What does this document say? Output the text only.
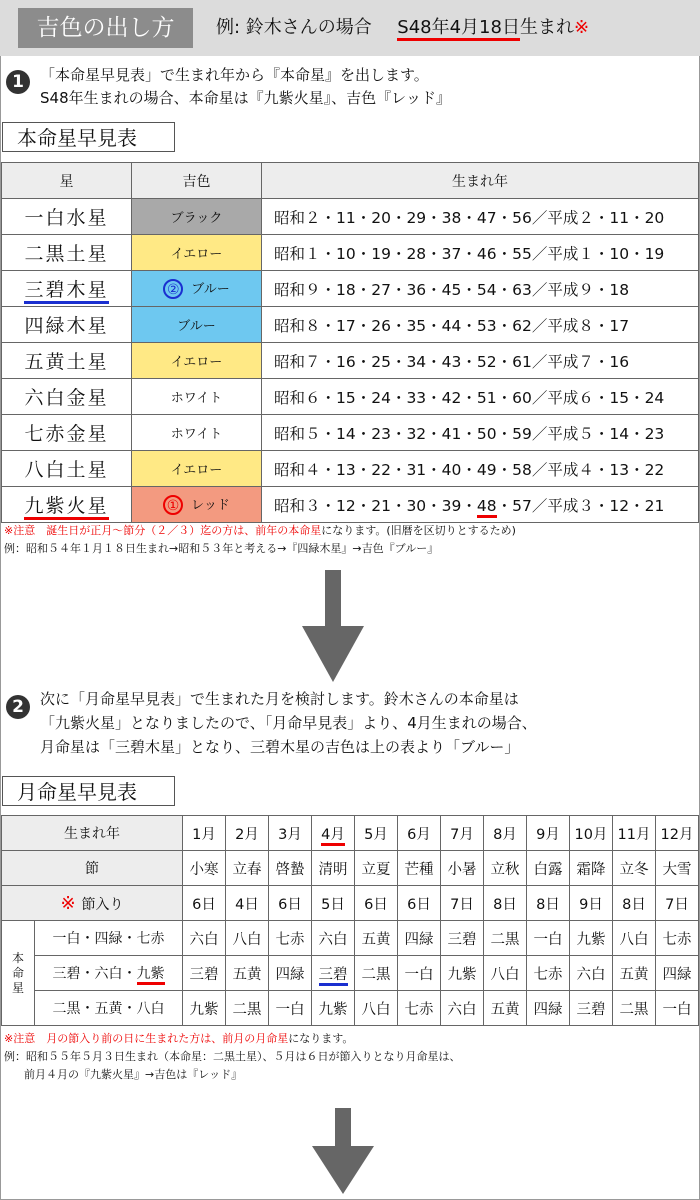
吉色の出し方	例: 鈴木さんの場合 S48年4月18日生まれ※
1	「本命星早見表」で生まれ年から『本命星』を出します。
S48年生まれの場合、本命星は『九紫火星』、吉色『レッド』
本命星早見表
星	吉色	生まれ年
一白水星	ブラック	昭和２・11・20・29・38・47・56／平成２・11・20
二黒土星	イエロー	昭和１・10・19・28・37・46・55／平成１・10・19
三碧木星	② ブルー	昭和９・18・27・36・45・54・63／平成９・18
四緑木星	ブルー	昭和８・17・26・35・44・53・62／平成８・17
五黄土星	イエロー	昭和７・16・25・34・43・52・61／平成７・16
六白金星	ホワイト	昭和６・15・24・33・42・51・60／平成６・15・24
七赤金星	ホワイト	昭和５・14・23・32・41・50・59／平成５・14・23
八白土星	イエロー	昭和４・13・22・31・40・49・58／平成４・13・22
九紫火星	① レッド	昭和３・12・21・30・39・48・57／平成３・12・21
※注意　誕生日が正月〜節分（２／３）迄の方は、前年の本命星になります。(旧暦を区切りとするため)
例：昭和５４年１月１８日生まれ→昭和５３年と考える→『四緑木星』→吉色『ブルー』
2	次に「月命星早見表」で生まれた月を検討します。鈴木さんの本命星は
「九紫火星」となりましたので、「月命早見表」より、4月生まれの場合、
月命星は「三碧木星」となり、三碧木星の吉色は上の表より「ブルー」
月命星早見表
生まれ年		1月	2月	3月	4月	5月	6月	7月	8月	9月	10月	11月	12月
節		小寒	立春	啓蟄	清明	立夏	芒種	小暑	立秋	白露	霜降	立冬	大雪
※ 節入り		6日	4日	6日	5日	6日	6日	7日	8日	8日	9日	8日	7日

本命星	一白・四緑・七赤	六白	八白	七赤	六白	五黄	四緑	三碧	二黒	一白	九紫	八白	七赤
	三碧・六白・九紫	三碧	五黄	四緑	三碧	二黒	一白	九紫	八白	七赤	六白	五黄	四緑
	二黒・五黄・八白	九紫	二黒	一白	九紫	八白	七赤	六白	五黄	四緑	三碧	二黒	一白
※注意　月の節入り前の日に生まれた方は、前月の月命星になります。
例：昭和５５年５月３日生まれ（本命星：二黒土星）、５月は６日が節入りとなり月命星は、
前月４月の『九紫火星』→吉色は『レッド』
